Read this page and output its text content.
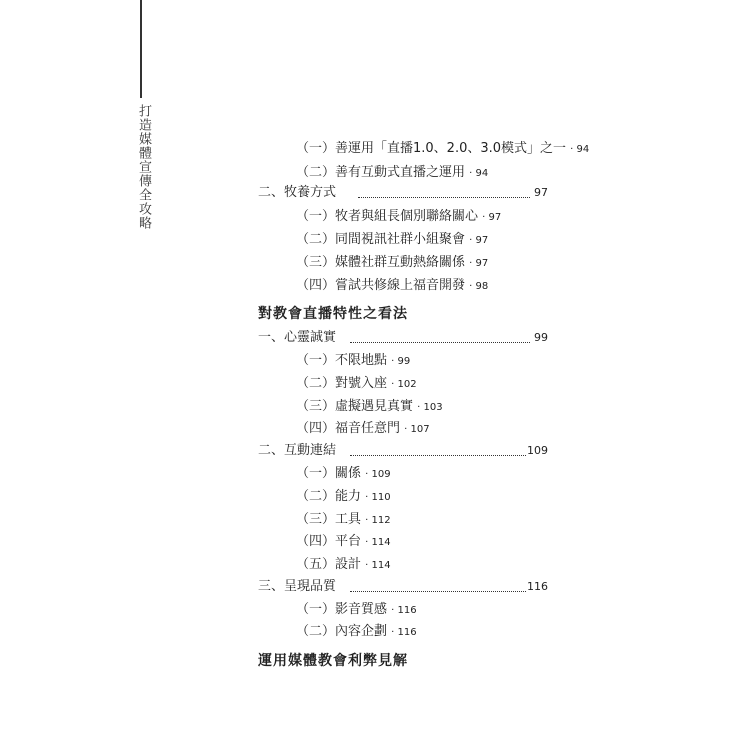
打造媒體宣傳全攻略	（一）善運用「直播1.0、2.0、3.0模式」之一 · 94
（二）善有互動式直播之運用 · 94
二、牧養方式	97
（一）牧者與組長個別聯絡關心 · 97
（二）同間視訊社群小組聚會 · 97
（三）媒體社群互動熱絡關係 · 97
（四）嘗試共修線上福音開發 · 98
對教會直播特性之看法
一、心靈誠實	99
（一）不限地點 · 99
（二）對號入座 · 102
（三）虛擬遇見真實 · 103
（四）福音任意門 · 107
二、互動連結	109
（一）關係 · 109
（二）能力 · 110
（三）工具 · 112
（四）平台 · 114
（五）設計 · 114
三、呈現品質	116
（一）影音質感 · 116
（二）內容企劃 · 116
運用媒體教會利弊見解
